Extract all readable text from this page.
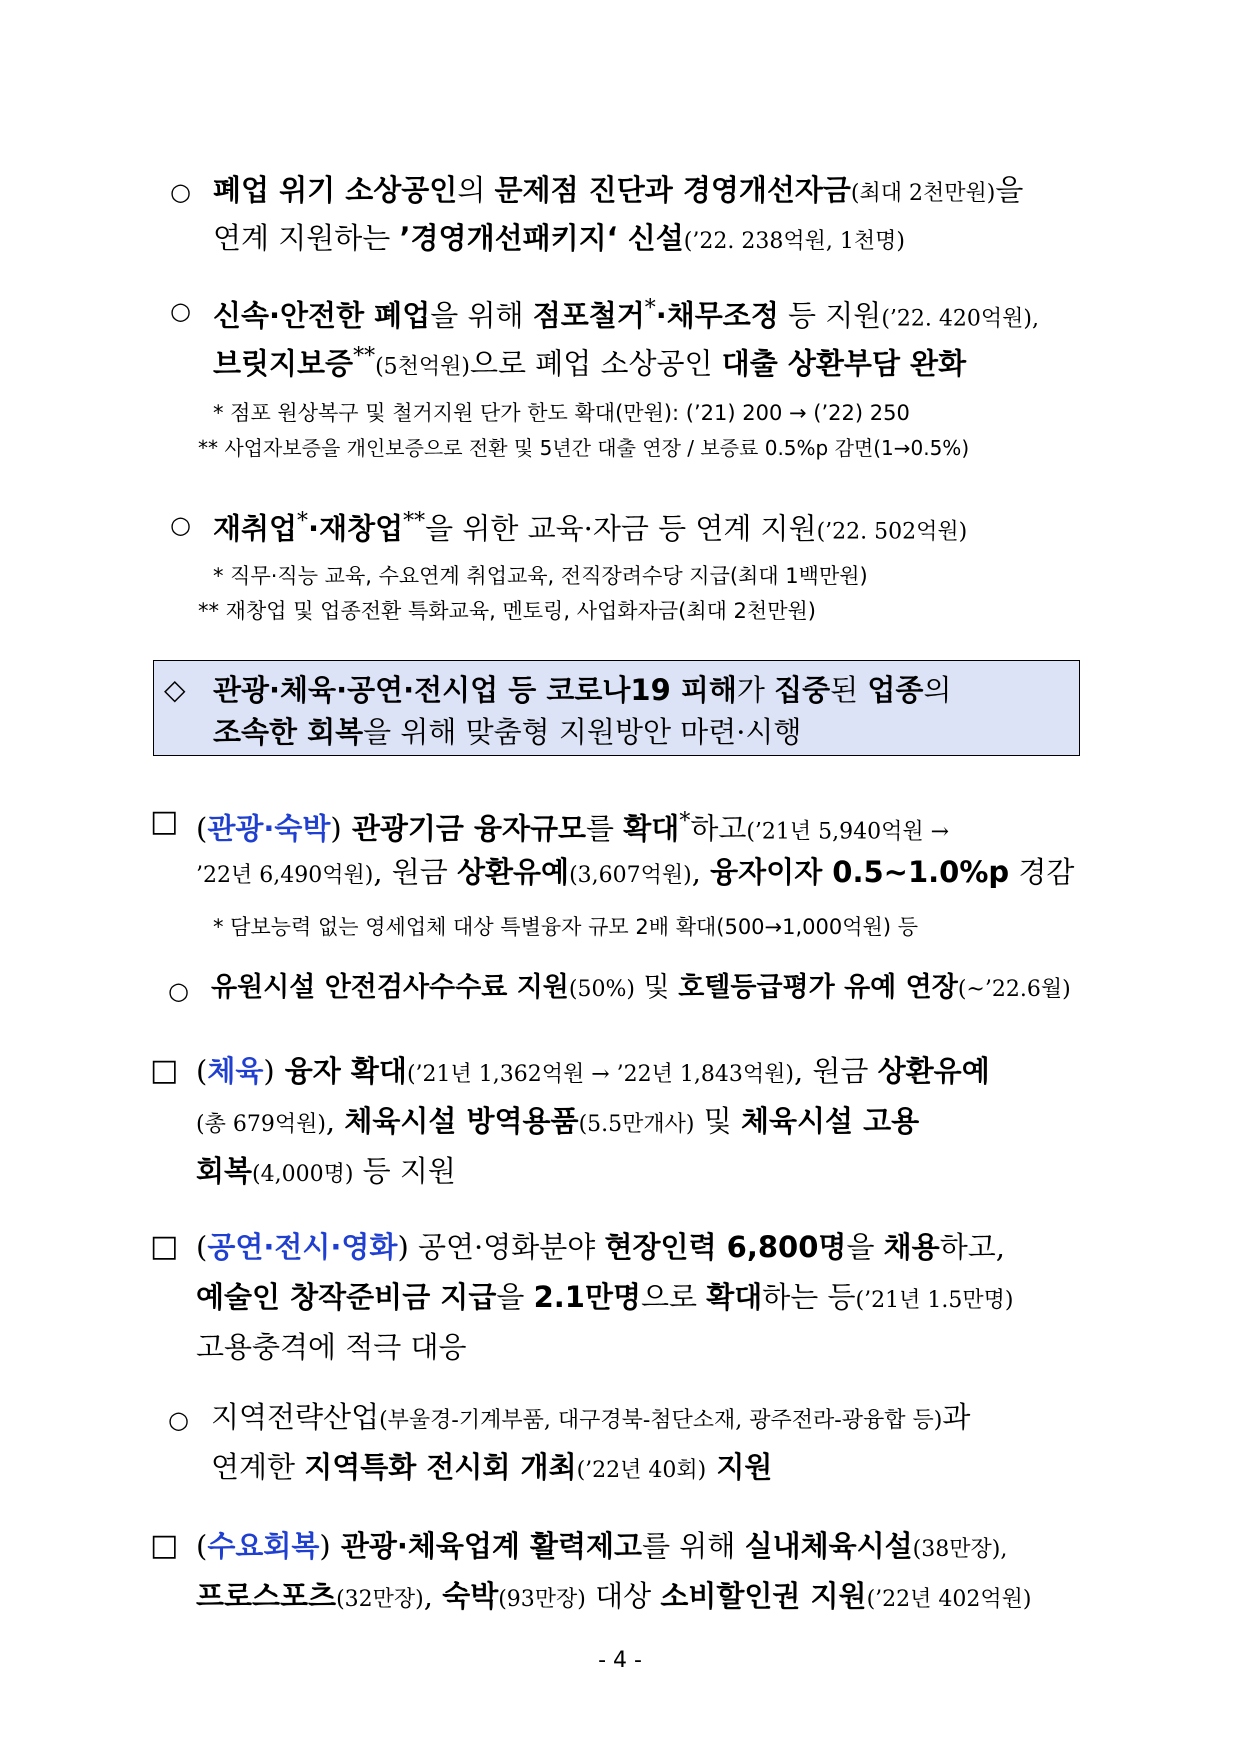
○ 폐업 위기 소상공인의 문제점 진단과 경영개선자금(최대 2천만원)을
연계 지원하는 ’경영개선패키지‘ 신설(’22. 238억원, 1천명)
○ 신속·안전한 폐업을 위해 점포철거*·채무조정 등 지원(’22. 420억원),
브릿지보증**(5천억원)으로 폐업 소상공인 대출 상환부담 완화
* 점포 원상복구 및 철거지원 단가 한도 확대(만원): (’21) 200 → (’22) 250
** 사업자보증을 개인보증으로 전환 및 5년간 대출 연장 / 보증료 0.5%p 감면(1→0.5%)
○ 재취업*·재창업**을 위한 교육·자금 등 연계 지원(’22. 502억원)
* 직무·직능 교육, 수요연계 취업교육, 전직장려수당 지급(최대 1백만원)
** 재창업 및 업종전환 특화교육, 멘토링, 사업화자금(최대 2천만원)
◇ 관광·체육·공연·전시업 등 코로나19 피해가 집중된 업종의
조속한 회복을 위해 맞춤형 지원방안 마련·시행
□ (관광·숙박) 관광기금 융자규모를 확대*하고(’21년 5,940억원 →
’22년 6,490억원), 원금 상환유예(3,607억원), 융자이자 0.5~1.0%p 경감
* 담보능력 없는 영세업체 대상 특별융자 규모 2배 확대(500→1,000억원) 등
○ 유원시설 안전검사수수료 지원(50%) 및 호텔등급평가 유예 연장(~’22.6월)
□ (체육) 융자 확대(’21년 1,362억원 → ’22년 1,843억원), 원금 상환유예
(총 679억원), 체육시설 방역용품(5.5만개사) 및 체육시설 고용
회복(4,000명) 등 지원
□ (공연·전시·영화) 공연·영화분야 현장인력 6,800명을 채용하고,
예술인 창작준비금 지급을 2.1만명으로 확대하는 등(’21년 1.5만명)
고용충격에 적극 대응
○ 지역전략산업(부울경-기계부품, 대구경북-첨단소재, 광주전라-광융합 등)과
연계한 지역특화 전시회 개최(’22년 40회) 지원
□ (수요회복) 관광·체육업계 활력제고를 위해 실내체육시설(38만장),
프로스포츠(32만장), 숙박(93만장) 대상 소비할인권 지원(’22년 402억원)
- 4 -
